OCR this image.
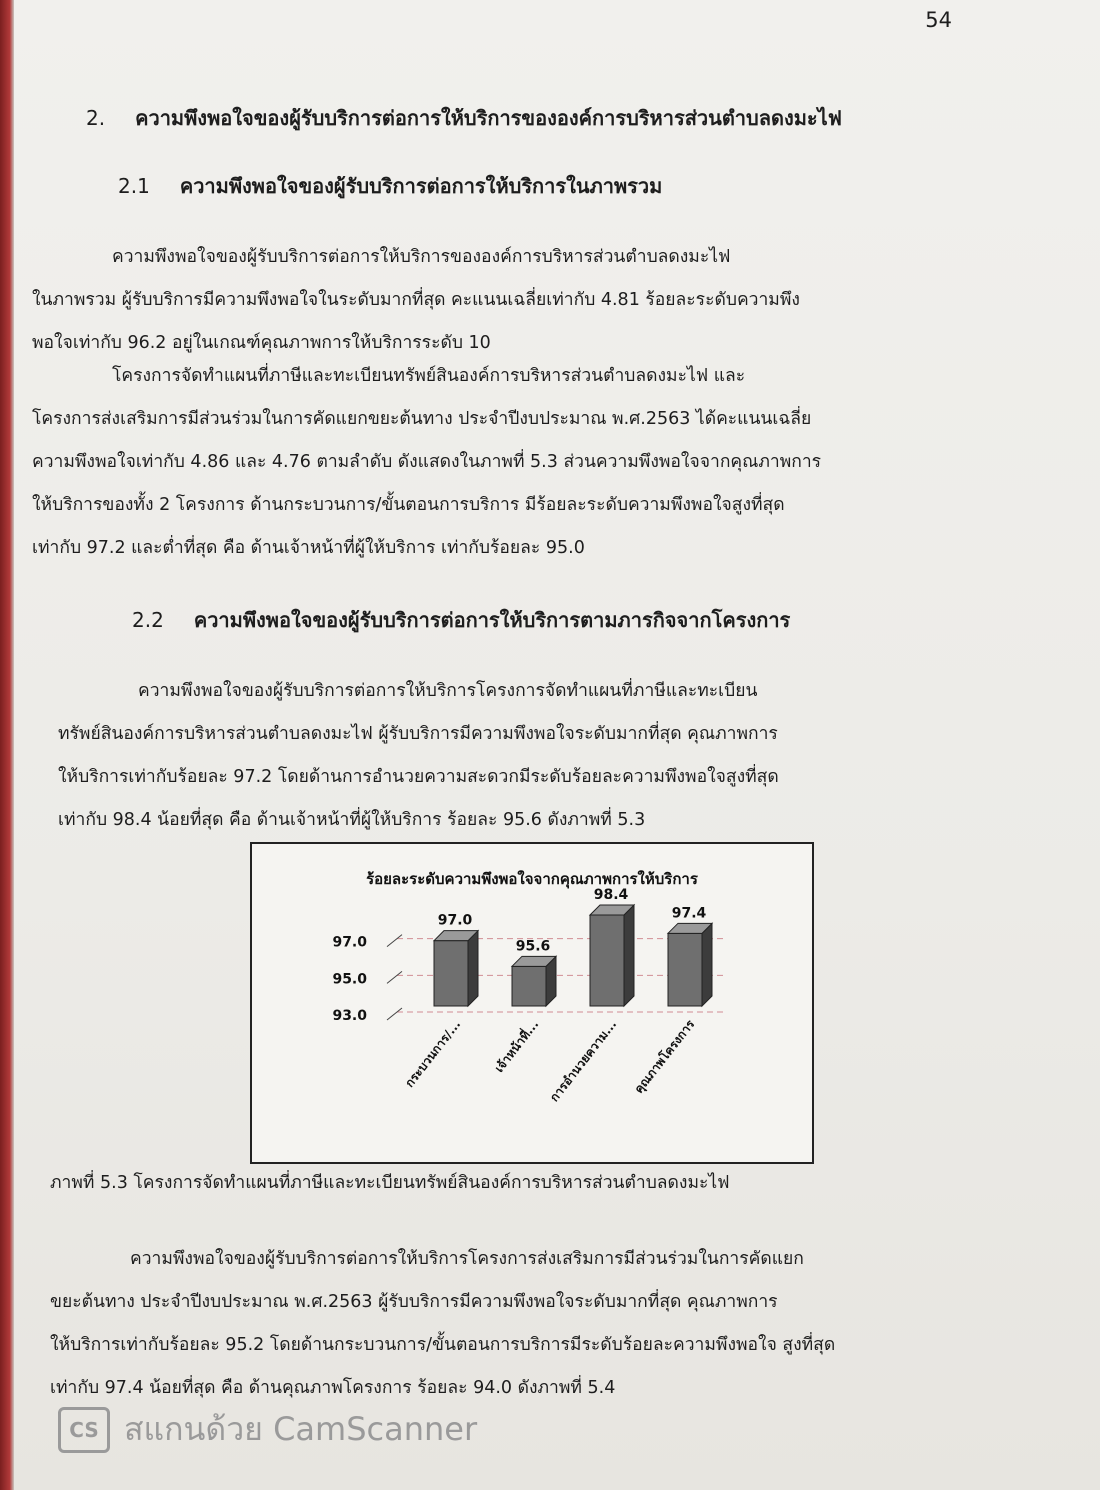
54
2. ความพึงพอใจของผู้รับบริการต่อการให้บริการขององค์การบริหารส่วนตำบลดงมะไฟ
2.1 ความพึงพอใจของผู้รับบริการต่อการให้บริการในภาพรวม
ความพึงพอใจของผู้รับบริการต่อการให้บริการขององค์การบริหารส่วนตำบลดงมะไฟ
ในภาพรวม ผู้รับบริการมีความพึงพอใจในระดับมากที่สุด คะแนนเฉลี่ยเท่ากับ 4.81 ร้อยละระดับความพึง
พอใจเท่ากับ 96.2 อยู่ในเกณฑ์คุณภาพการให้บริการระดับ 10
โครงการจัดทำแผนที่ภาษีและทะเบียนทรัพย์สินองค์การบริหารส่วนตำบลดงมะไฟ และ
โครงการส่งเสริมการมีส่วนร่วมในการคัดแยกขยะต้นทาง ประจำปีงบประมาณ พ.ศ.2563 ได้คะแนนเฉลี่ย
ความพึงพอใจเท่ากับ 4.86 และ 4.76 ตามลำดับ ดังแสดงในภาพที่ 5.3 ส่วนความพึงพอใจจากคุณภาพการ
ให้บริการของทั้ง 2 โครงการ ด้านกระบวนการ/ขั้นตอนการบริการ มีร้อยละระดับความพึงพอใจสูงที่สุด
เท่ากับ 97.2 และต่ำที่สุด คือ ด้านเจ้าหน้าที่ผู้ให้บริการ เท่ากับร้อยละ 95.0
2.2 ความพึงพอใจของผู้รับบริการต่อการให้บริการตามภารกิจจากโครงการ
ความพึงพอใจของผู้รับบริการต่อการให้บริการโครงการจัดทำแผนที่ภาษีและทะเบียน
ทรัพย์สินองค์การบริหารส่วนตำบลดงมะไฟ ผู้รับบริการมีความพึงพอใจระดับมากที่สุด คุณภาพการ
ให้บริการเท่ากับร้อยละ 97.2 โดยด้านการอำนวยความสะดวกมีระดับร้อยละความพึงพอใจสูงที่สุด
เท่ากับ 98.4 น้อยที่สุด คือ ด้านเจ้าหน้าที่ผู้ให้บริการ ร้อยละ 95.6 ดังภาพที่ 5.3
ร้อยละระดับความพึงพอใจจากคุณภาพการให้บริการ
93.0
95.0
97.0
97.0
กระบวนการ/...
95.6
เจ้าหน้าที่...
98.4
การอำนวยความ...
97.4
คุณภาพโครงการ
ภาพที่ 5.3 โครงการจัดทำแผนที่ภาษีและทะเบียนทรัพย์สินองค์การบริหารส่วนตำบลดงมะไฟ
ความพึงพอใจของผู้รับบริการต่อการให้บริการโครงการส่งเสริมการมีส่วนร่วมในการคัดแยก
ขยะต้นทาง ประจำปีงบประมาณ พ.ศ.2563 ผู้รับบริการมีความพึงพอใจระดับมากที่สุด คุณภาพการ
ให้บริการเท่ากับร้อยละ 95.2 โดยด้านกระบวนการ/ขั้นตอนการบริการมีระดับร้อยละความพึงพอใจ สูงที่สุด
เท่ากับ 97.4 น้อยที่สุด คือ ด้านคุณภาพโครงการ ร้อยละ 94.0 ดังภาพที่ 5.4
CS สแกนด้วย CamScanner
